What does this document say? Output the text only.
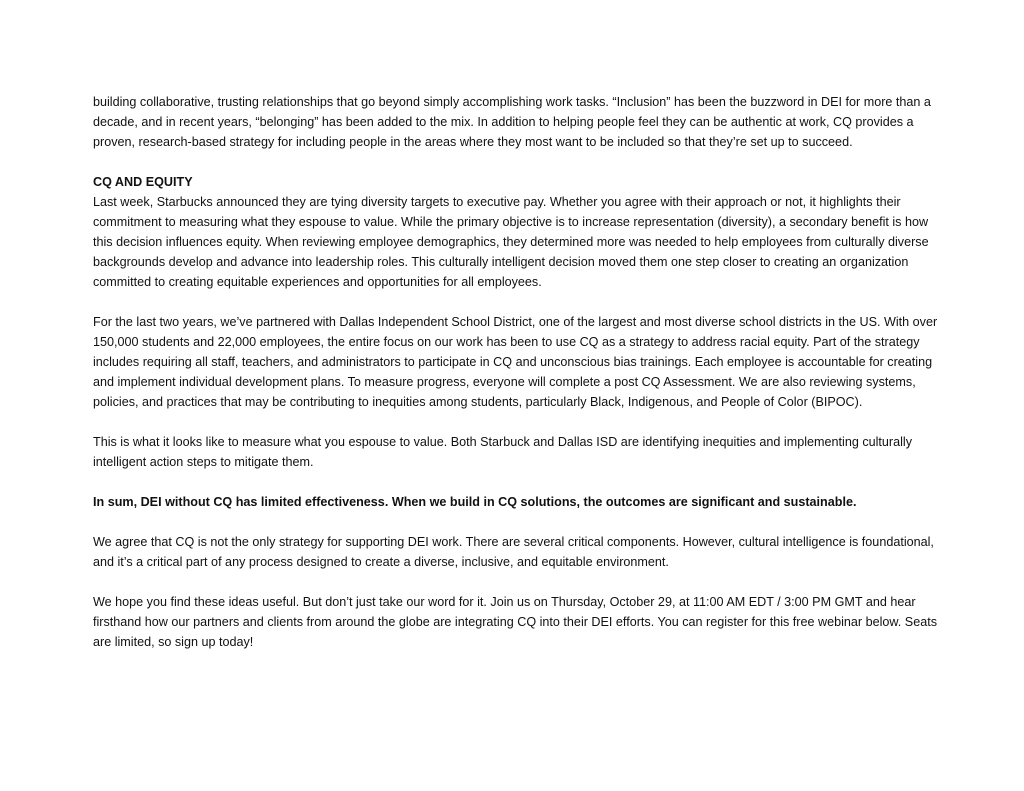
building collaborative, trusting relationships that go beyond simply accomplishing work tasks. “Inclusion” has been the buzzword in DEI for more than a decade, and in recent years, “belonging” has been added to the mix. In addition to helping people feel they can be authentic at work, CQ provides a proven, research-based strategy for including people in the areas where they most want to be included so that they’re set up to succeed.

CQ AND EQUITY

Last week, Starbucks announced they are tying diversity targets to executive pay. Whether you agree with their approach or not, it highlights their commitment to measuring what they espouse to value. While the primary objective is to increase representation (diversity), a secondary benefit is how this decision influences equity. When reviewing employee demographics, they determined more was needed to help employees from culturally diverse backgrounds develop and advance into leadership roles. This culturally intelligent decision moved them one step closer to creating an organization committed to creating equitable experiences and opportunities for all employees.

For the last two years, we’ve partnered with Dallas Independent School District, one of the largest and most diverse school districts in the US. With over 150,000 students and 22,000 employees, the entire focus on our work has been to use CQ as a strategy to address racial equity. Part of the strategy includes requiring all staff, teachers, and administrators to participate in CQ and unconscious bias trainings. Each employee is accountable for creating and implement individual development plans. To measure progress, everyone will complete a post CQ Assessment. We are also reviewing systems, policies, and practices that may be contributing to inequities among students, particularly Black, Indigenous, and People of Color (BIPOC).

This is what it looks like to measure what you espouse to value. Both Starbuck and Dallas ISD are identifying inequities and implementing culturally intelligent action steps to mitigate them.

In sum, DEI without CQ has limited effectiveness. When we build in CQ solutions, the outcomes are significant and sustainable.

We agree that CQ is not the only strategy for supporting DEI work. There are several critical components. However, cultural intelligence is foundational, and it’s a critical part of any process designed to create a diverse, inclusive, and equitable environment.

We hope you find these ideas useful. But don’t just take our word for it. Join us on Thursday, October 29, at 11:00 AM EDT / 3:00 PM GMT and hear firsthand how our partners and clients from around the globe are integrating CQ into their DEI efforts. You can register for this free webinar below. Seats are limited, so sign up today!
